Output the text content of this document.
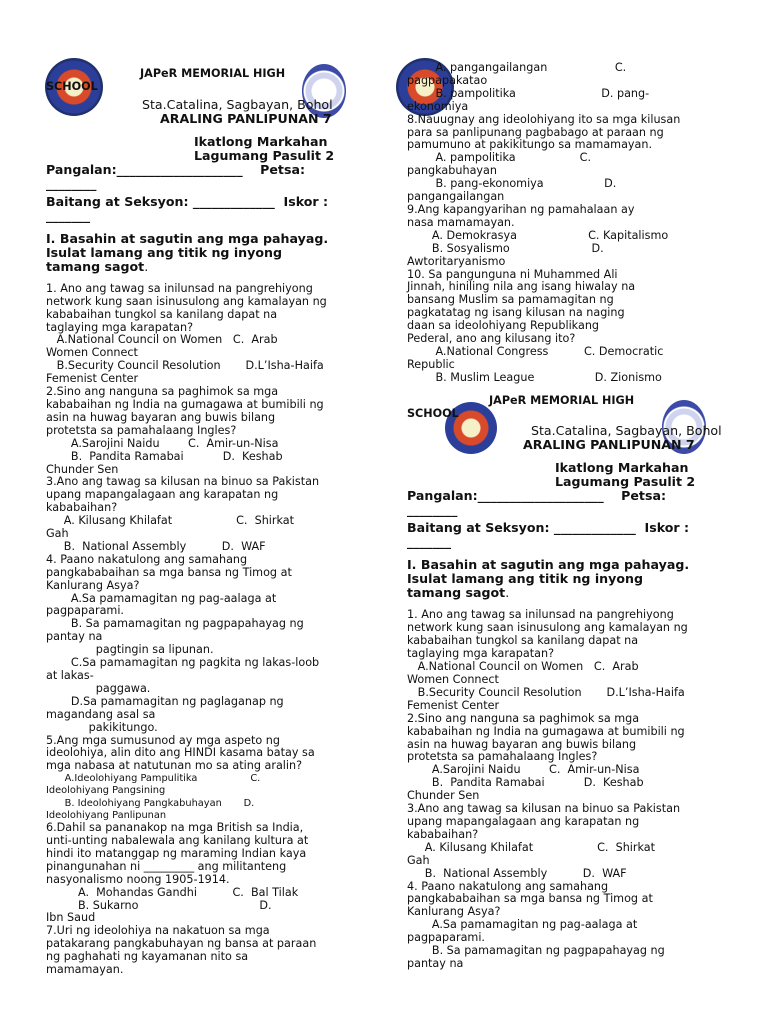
JAPeR MEMORIAL HIGH

SCHOOL

Sta.Catalina, Sagbayan, Bohol

ARALING PANLIPUNAN 7

Ikatlong Markahan

Lagumang Pasulit 2

Pangalan:____________________    Petsa:

________

Baitang at Seksyon: _____________  Iskor :

_______

I. Basahin at sagutin ang mga pahayag.

Isulat lamang ang titik ng inyong

tamang sagot.

1. Ano ang tawag sa inilunsad na pangrehiyong

network kung saan isinusulong ang kamalayan ng

kababaihan tungkol sa kanilang dapat na

taglaying mga karapatan?

A.National Council on Women   C.  Arab

Women Connect

B.Security Council Resolution       D.L’Isha-Haifa

Femenist Center

2.Sino ang nanguna sa paghimok sa mga

kababaihan ng India na gumagawa at bumibili ng

asin na huwag bayaran ang buwis bilang

protetsta sa pamahalaang Ingles?

A.Sarojini Naidu        C.  Amir-un-Nisa

B.  Pandita Ramabai           D.  Keshab

Chunder Sen

3.Ano ang tawag sa kilusan na binuo sa Pakistan

upang mapangalagaan ang karapatan ng

kababaihan?

A. Kilusang Khilafat                  C.  Shirkat

Gah

B.  National Assembly          D.  WAF

4. Paano nakatulong ang samahang

pangkababaihan sa mga bansa ng Timog at

Kanlurang Asya?

A.Sa pamamagitan ng pag-aalaga at

pagpaparami.

B. Sa pamamagitan ng pagpapahayag ng

pantay na

pagtingin sa lipunan.

C.Sa pamamagitan ng pagkita ng lakas-loob

at lakas-

paggawa.

D.Sa pamamagitan ng paglaganap ng

magandang asal sa

pakikitungo.

5.Ang mga sumusunod ay mga aspeto ng

ideolohiya, alin dito ang HINDI kasama batay sa

mga nabasa at natutunan mo sa ating aralin?

A.Ideolohiyang Pampulitika                 C.

Ideolohiyang Pangsining

B. Ideolohiyang Pangkabuhayan       D.

Ideolohiyang Panlipunan

6.Dahil sa pananakop na mga British sa India,

unti-unting nabalewala ang kanilang kultura at

hindi ito matanggap ng maraming Indian kaya

pinangunahan ni _________ ang militanteng

nasyonalismo noong 1905-1914.

A.  Mohandas Gandhi          C.  Bal Tilak

B. Sukarno                                  D.

Ibn Saud

7.Uri ng ideolohiya na nakatuon sa mga

patakarang pangkabuhayan ng bansa at paraan

ng paghahati ng kayamanan nito sa

mamamayan.

A. pangangailangan                   C.

pagpapakatao

B. pampolitika                        D. pang-

ekonomiya

8.Nauugnay ang ideolohiyang ito sa mga kilusan

para sa panlipunang pagbabago at paraan ng

pamumuno at pakikitungo sa mamamayan.

A. pampolitika                  C.

pangkabuhayan

B. pang-ekonomiya                 D.

pangangailangan

9.Ang kapangyarihan ng pamahalaan ay

nasa mamamayan.

A. Demokrasya                    C. Kapitalismo

B. Sosyalismo                       D.

Awtoritaryanismo

10. Sa pangunguna ni Muhammed Ali

Jinnah, hiniling nila ang isang hiwalay na

bansang Muslim sa pamamagitan ng

pagkatatag ng isang kilusan na naging

daan sa ideolohiyang Republikang

Pederal, ano ang kilusang ito?

A.National Congress          C. Democratic

Republic

B. Muslim League                 D. Zionismo

JAPeR MEMORIAL HIGH

SCHOOL

Sta.Catalina, Sagbayan, Bohol

ARALING PANLIPUNAN 7

Ikatlong Markahan

Lagumang Pasulit 2

Pangalan:____________________    Petsa:

________

Baitang at Seksyon: _____________  Iskor :

_______

I. Basahin at sagutin ang mga pahayag.

Isulat lamang ang titik ng inyong

tamang sagot.

1. Ano ang tawag sa inilunsad na pangrehiyong

network kung saan isinusulong ang kamalayan ng

kababaihan tungkol sa kanilang dapat na

taglaying mga karapatan?

A.National Council on Women   C.  Arab

Women Connect

B.Security Council Resolution       D.L’Isha-Haifa

Femenist Center

2.Sino ang nanguna sa paghimok sa mga

kababaihan ng India na gumagawa at bumibili ng

asin na huwag bayaran ang buwis bilang

protetsta sa pamahalaang Ingles?

A.Sarojini Naidu        C.  Amir-un-Nisa

B.  Pandita Ramabai           D.  Keshab

Chunder Sen

3.Ano ang tawag sa kilusan na binuo sa Pakistan

upang mapangalagaan ang karapatan ng

kababaihan?

A. Kilusang Khilafat                  C.  Shirkat

Gah

B.  National Assembly          D.  WAF

4. Paano nakatulong ang samahang

pangkababaihan sa mga bansa ng Timog at

Kanlurang Asya?

A.Sa pamamagitan ng pag-aalaga at

pagpaparami.

B. Sa pamamagitan ng pagpapahayag ng

pantay na
